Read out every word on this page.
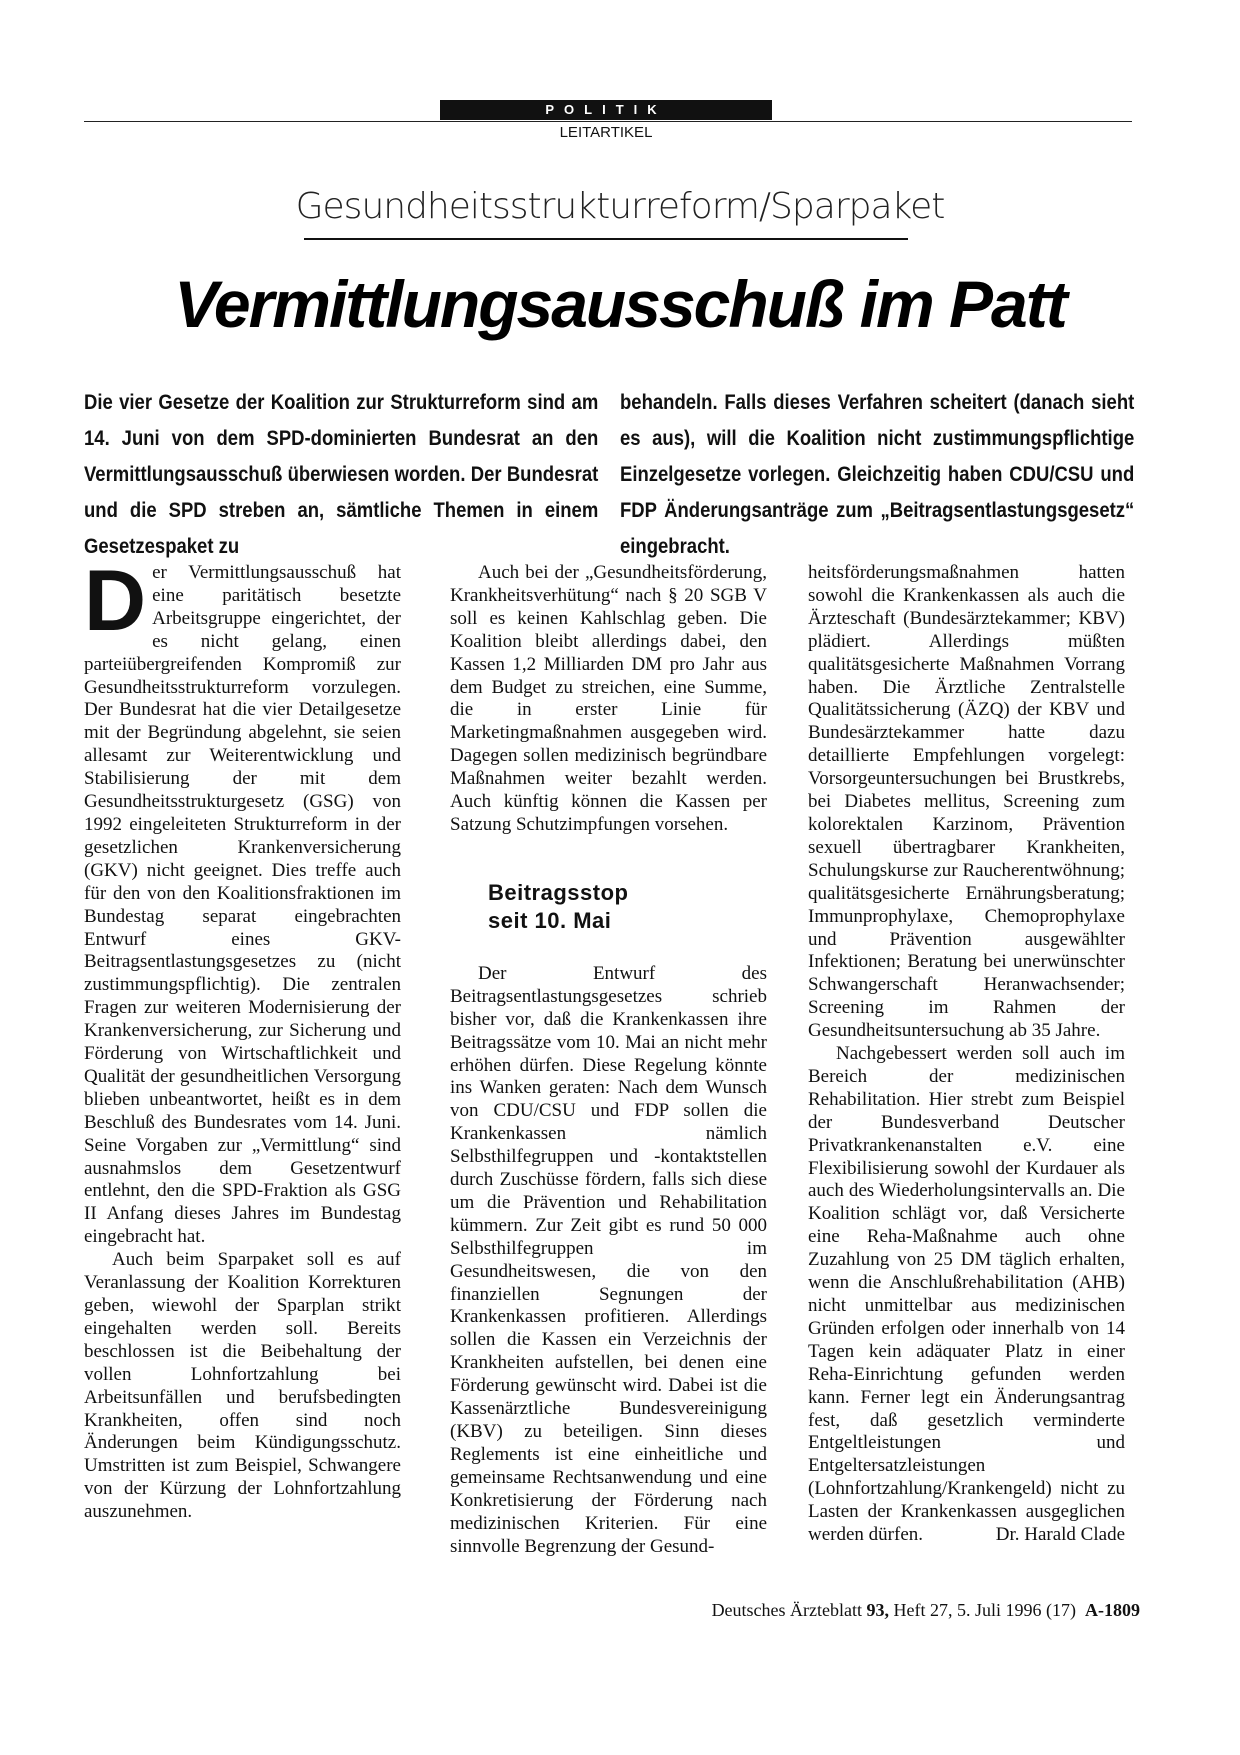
POLITIK
LEITARTIKEL
Gesundheitsstrukturreform/Sparpaket
Vermittlungsausschuß im Patt
Die vier Gesetze der Koalition zur Strukturreform sind am 14. Juni von dem SPD-dominierten Bundesrat an den Vermittlungsausschuß überwiesen worden. Der Bundesrat und die SPD streben an, sämtliche Themen in einem Gesetzespaket zu
behandeln. Falls dieses Verfahren scheitert (danach sieht es aus), will die Koalition nicht zustimmungspflichtige Einzelgesetze vorlegen. Gleichzeitig haben CDU/CSU und FDP Änderungsanträge zum „Beitragsentlastungsgesetz“ eingebracht.

Der Vermittlungsausschuß hat eine paritätisch besetzte Arbeitsgruppe eingerichtet, der es nicht gelang, einen parteiübergreifenden Kompromiß zur Gesundheitsstrukturreform vorzulegen. Der Bundesrat hat die vier Detailgesetze mit der Begründung abgelehnt, sie seien allesamt zur Weiterentwicklung und Stabilisierung der mit dem Gesundheitsstrukturgesetz (GSG) von 1992 eingeleiteten Strukturreform in der gesetzlichen Krankenversicherung (GKV) nicht geeignet. Dies treffe auch für den von den Koalitionsfraktionen im Bundestag separat eingebrachten Entwurf eines GKV-Beitragsentlastungsgesetzes zu (nicht zustimmungspflichtig). Die zentralen Fragen zur weiteren Modernisierung der Krankenversicherung, zur Sicherung und Förderung von Wirtschaftlichkeit und Qualität der gesundheitlichen Versorgung blieben unbeantwortet, heißt es in dem Beschluß des Bundesrates vom 14. Juni. Seine Vorgaben zur „Vermittlung“ sind ausnahmslos dem Gesetzentwurf entlehnt, den die SPD-Fraktion als GSG II Anfang dieses Jahres im Bundestag eingebracht hat.

Auch beim Sparpaket soll es auf Veranlassung der Koalition Korrekturen geben, wiewohl der Sparplan strikt eingehalten werden soll. Bereits beschlossen ist die Beibehaltung der vollen Lohnfortzahlung bei Arbeitsunfällen und berufsbedingten Krankheiten, offen sind noch Änderungen beim Kündigungsschutz. Umstritten ist zum Beispiel, Schwangere von der Kürzung der Lohnfortzahlung auszunehmen.

Auch bei der „Gesundheitsförderung, Krankheitsverhütung“ nach § 20 SGB V soll es keinen Kahlschlag geben. Die Koalition bleibt allerdings dabei, den Kassen 1,2 Milliarden DM pro Jahr aus dem Budget zu streichen, eine Summe, die in erster Linie für Marketingmaßnahmen ausgegeben wird. Dagegen sollen medizinisch begründbare Maßnahmen weiter bezahlt werden. Auch künftig können die Kassen per Satzung Schutzimpfungen vorsehen.

Beitragsstop
seit 10. Mai

Der Entwurf des Beitragsentlastungsgesetzes schrieb bisher vor, daß die Krankenkassen ihre Beitragssätze vom 10. Mai an nicht mehr erhöhen dürfen. Diese Regelung könnte ins Wanken geraten: Nach dem Wunsch von CDU/CSU und FDP sollen die Krankenkassen nämlich Selbsthilfegruppen und -kontaktstellen durch Zuschüsse fördern, falls sich diese um die Prävention und Rehabilitation kümmern. Zur Zeit gibt es rund 50 000 Selbsthilfegruppen im Gesundheitswesen, die von den finanziellen Segnungen der Krankenkassen profitieren. Allerdings sollen die Kassen ein Verzeichnis der Krankheiten aufstellen, bei denen eine Förderung gewünscht wird. Dabei ist die Kassenärztliche Bundesvereinigung (KBV) zu beteiligen. Sinn dieses Reglements ist eine einheitliche und gemeinsame Rechtsanwendung und eine Konkretisierung der Förderung nach medizinischen Kriterien. Für eine sinnvolle Begrenzung der Gesund-

heitsförderungsmaßnahmen hatten sowohl die Krankenkassen als auch die Ärzteschaft (Bundesärztekammer; KBV) plädiert. Allerdings müßten qualitätsgesicherte Maßnahmen Vorrang haben. Die Ärztliche Zentralstelle Qualitätssicherung (ÄZQ) der KBV und Bundesärztekammer hatte dazu detaillierte Empfehlungen vorgelegt: Vorsorgeuntersuchungen bei Brustkrebs, bei Diabetes mellitus, Screening zum kolorektalen Karzinom, Prävention sexuell übertragbarer Krankheiten, Schulungskurse zur Raucherentwöhnung; qualitätsgesicherte Ernährungsberatung; Immunprophylaxe, Chemoprophylaxe und Prävention ausgewählter Infektionen; Beratung bei unerwünschter Schwangerschaft Heranwachsender; Screening im Rahmen der Gesundheitsuntersuchung ab 35 Jahre.

Nachgebessert werden soll auch im Bereich der medizinischen Rehabilitation. Hier strebt zum Beispiel der Bundesverband Deutscher Privatkrankenanstalten e.V. eine Flexibilisierung sowohl der Kurdauer als auch des Wiederholungsintervalls an. Die Koalition schlägt vor, daß Versicherte eine Reha-Maßnahme auch ohne Zuzahlung von 25 DM täglich erhalten, wenn die Anschlußrehabilitation (AHB) nicht unmittelbar aus medizinischen Gründen erfolgen oder innerhalb von 14 Tagen kein adäquater Platz in einer Reha-Einrichtung gefunden werden kann. Ferner legt ein Änderungsantrag fest, daß gesetzlich verminderte Entgeltleistungen und Entgeltersatzleistungen (Lohnfortzahlung/Krankengeld) nicht zu Lasten der Krankenkassen ausgeglichen werden dürfen.	Dr. Harald Clade

Deutsches Ärzteblatt 93, Heft 27, 5. Juli 1996 (17) A-1809
